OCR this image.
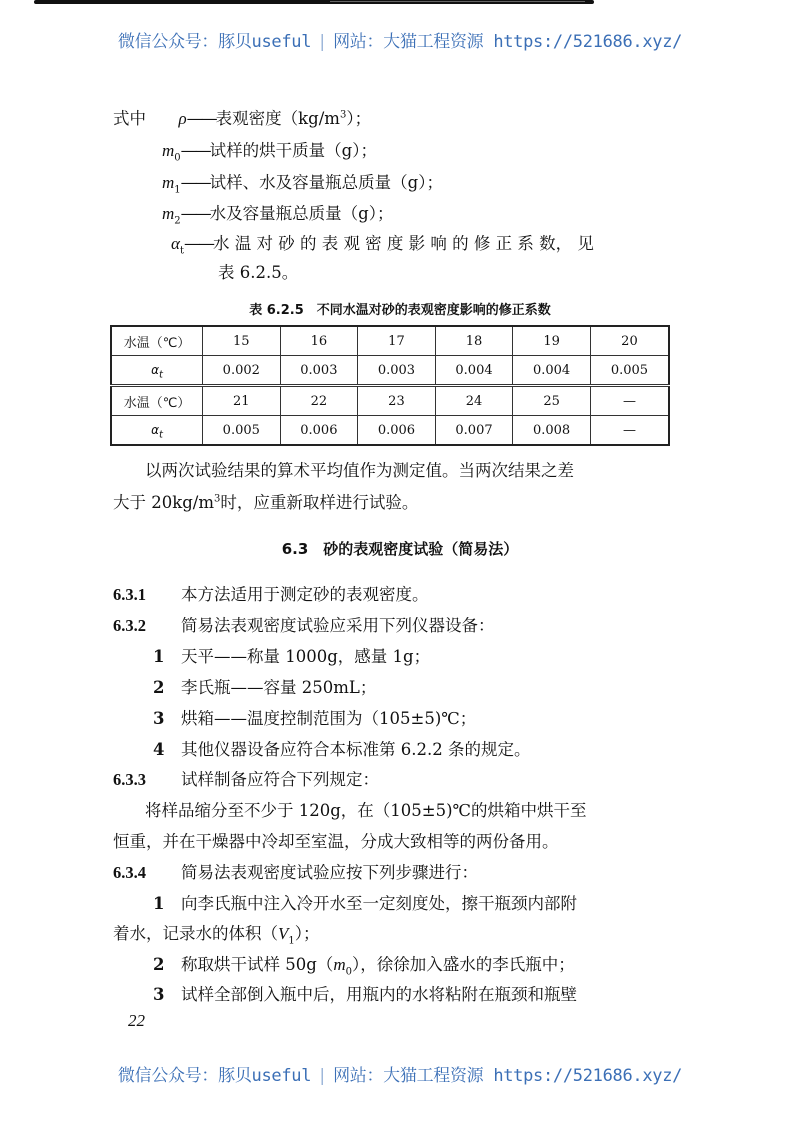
微信公众号：豚贝useful | 网站：大猫工程资源 https://521686.xyz/
式中 ρ——表观密度$(kg/m^3)$；
$m_0——$试样的烘干质量（g）；
$m_1——$试样、水及容量瓶总质量（g）；
$m_2——$水及容量瓶总质量（g）；
$\alpha_t——$水 温 对 砂 的 表 观 密 度 影 响 的 修 正 系 数， 见
表 6.2.5。
表 6.2.5　不同水温对砂的表观密度影响的修正系数
水温（℃）	15	16	17	18	19	20
$\alpha_t$	0.002	0.003	0.003	0.004	0.004	0.005
水温（℃）	21	22	23	24	25	—
$\alpha_t$	0.005	0.006	0.006	0.007	0.008	—
以两次试验结果的算术平均值作为测定值。当两次结果之差
大于 $20kg/m^3$时，应重新取样进行试验。
6.3　砂的表观密度试验（简易法）
6.3.1 本方法适用于测定砂的表观密度。
6.3.2 简易法表观密度试验应采用下列仪器设备：
1 天平——称量 1000g，感量 1g；
2 李氏瓶——容量 250mL；
3 烘箱——温度控制范围为（105±5)℃；
4 其他仪器设备应符合本标准第 6.2.2 条的规定。
6.3.3 试样制备应符合下列规定：
将样品缩分至不少于 120g，在（105±5)℃的烘箱中烘干至
恒重，并在干燥器中冷却至室温，分成大致相等的两份备用。
6.3.4 简易法表观密度试验应按下列步骤进行：
1 向李氏瓶中注入冷开水至一定刻度处，擦干瓶颈内部附
着水，记录水的体积$(V_1)$；
2 称取烘干试样 $50g(m_0)$，徐徐加入盛水的李氏瓶中；
3 试样全部倒入瓶中后，用瓶内的水将粘附在瓶颈和瓶壁
22
微信公众号：豚贝useful | 网站：大猫工程资源 https://521686.xyz/
